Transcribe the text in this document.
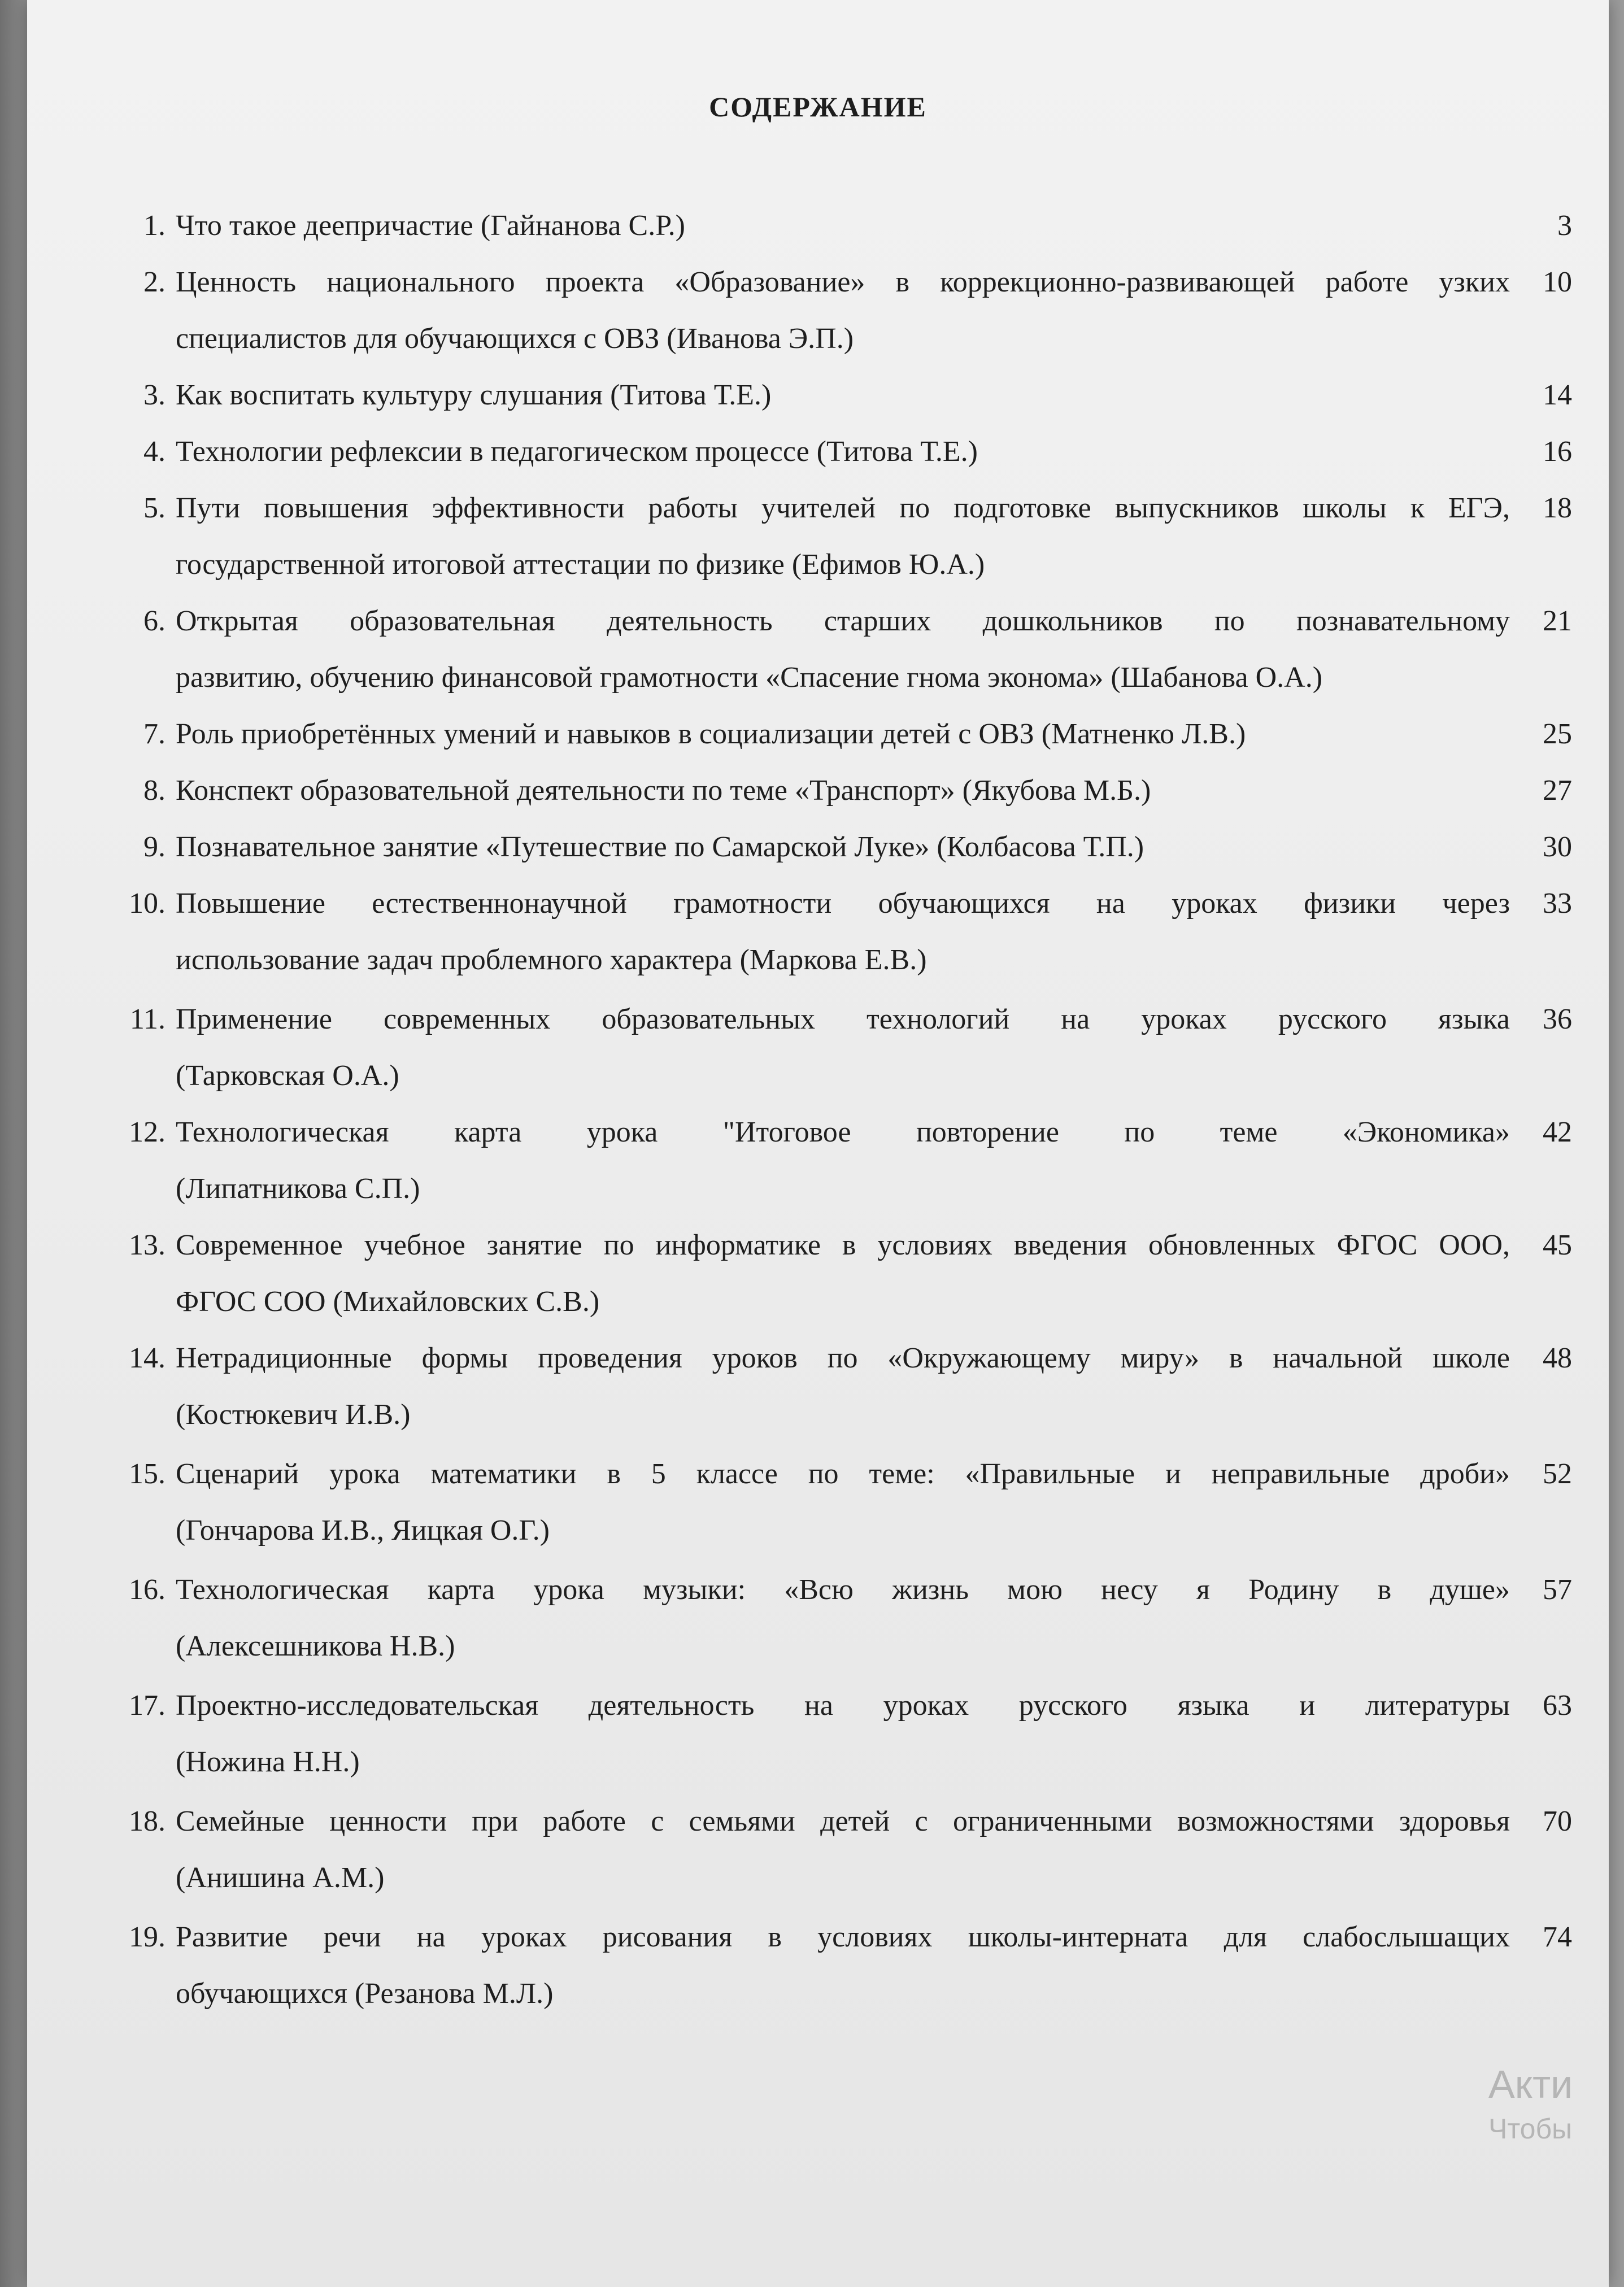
СОДЕРЖАНИЕ
1. Что такое деепричастие (Гайнанова С.Р.)	3
2. Ценность национального проекта «Образование» в коррекционно-развивающей работе узких	10
специалистов для обучающихся с ОВЗ (Иванова Э.П.)
3. Как воспитать культуру слушания (Титова Т.Е.)	14
4. Технологии рефлексии в педагогическом процессе (Титова Т.Е.)	16
5. Пути повышения эффективности работы учителей по подготовке выпускников школы к ЕГЭ,	18
государственной итоговой аттестации по физике (Ефимов Ю.А.)
6. Открытая образовательная деятельность старших дошкольников по познавательному	21
развитию, обучению финансовой грамотности «Спасение гнома эконома» (Шабанова О.А.)
7. Роль приобретённых умений и навыков в социализации детей с ОВЗ (Матненко Л.В.)	25
8. Конспект образовательной деятельности по теме «Транспорт» (Якубова М.Б.)	27
9. Познавательное занятие «Путешествие по Самарской Луке» (Колбасова Т.П.)	30
10. Повышение естественнонаучной грамотности обучающихся на уроках физики через	33
использование задач проблемного характера (Маркова Е.В.)
11. Применение современных образовательных технологий на уроках русского языка	36
(Тарковская О.А.)
12. Технологическая карта урока "Итоговое повторение по теме «Экономика»	42
(Липатникова С.П.)
13. Современное учебное занятие по информатике в условиях введения обновленных ФГОС ООО,	45
ФГОС СОО (Михайловских С.В.)
14. Нетрадиционные формы проведения уроков по «Окружающему миру» в начальной школе	48
(Костюкевич И.В.)
15. Сценарий урока математики в 5 классе по теме: «Правильные и неправильные дроби»	52
(Гончарова И.В., Яицкая О.Г.)
16. Технологическая карта урока музыки: «Всю жизнь мою несу я Родину в душе»	57
(Алексешникова Н.В.)
17. Проектно-исследовательская деятельность на уроках русского языка и литературы	63
(Ножина Н.Н.)
18. Семейные ценности при работе с семьями детей с ограниченными возможностями здоровья	70
(Анишина А.М.)
19. Развитие речи на уроках рисования в условиях школы-интерната для слабослышащих	74
обучающихся (Резанова М.Л.)
Акти
Чтобы
